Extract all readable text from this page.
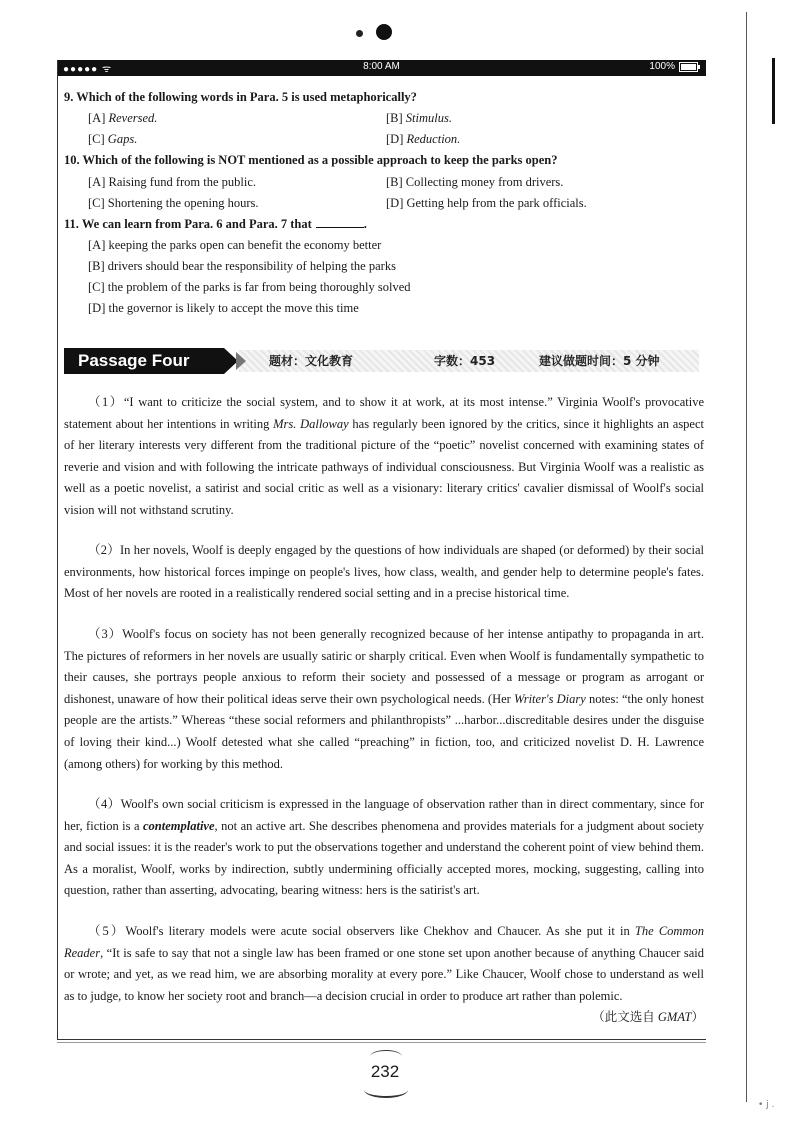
• j .
●●●●● ᯤ	8:00 AM	100%
9. Which of the following words in Para. 5 is used metaphorically?
[A] Reversed.	[B] Stimulus.
[C] Gaps.	[D] Reduction.
10. Which of the following is NOT mentioned as a possible approach to keep the parks open?
[A] Raising fund from the public.	[B] Collecting money from drivers.
[C] Shortening the opening hours.	[D] Getting help from the park officials.
11. We can learn from Para. 6 and Para. 7 that	.
[A] keeping the parks open can benefit the economy better
[B] drivers should bear the responsibility of helping the parks
[C] the problem of the parks is far from being thoroughly solved
[D] the governor is likely to accept the move this time
Passage Four	题材：文化教育	字数：453	建议做题时间：5 分钟

（1）“I want to criticize the social system, and to show it at work, at its most intense.” Virginia Woolf's provocative statement about her intentions in writing Mrs. Dalloway has regularly been ignored by the critics, since it highlights an aspect of her literary interests very different from the traditional picture of the “poetic” novelist concerned with examining states of reverie and vision and with following the intricate pathways of individual consciousness. But Virginia Woolf was a realistic as well as a poetic novelist, a satirist and social critic as well as a visionary: literary critics' cavalier dismissal of Woolf's social vision will not withstand scrutiny.

（2）In her novels, Woolf is deeply engaged by the questions of how individuals are shaped (or deformed) by their social environments, how historical forces impinge on people's lives, how class, wealth, and gender help to determine people's fates. Most of her novels are rooted in a realistically rendered social setting and in a precise historical time.

（3）Woolf's focus on society has not been generally recognized because of her intense antipathy to propaganda in art. The pictures of reformers in her novels are usually satiric or sharply critical. Even when Woolf is fundamentally sympathetic to their causes, she portrays people anxious to reform their society and possessed of a message or program as arrogant or dishonest, unaware of how their political ideas serve their own psychological needs. (Her Writer's Diary notes: “the only honest people are the artists.” Whereas “these social reformers and philanthropists” ...harbor...discreditable desires under the disguise of loving their kind...) Woolf detested what she called “preaching” in fiction, too, and criticized novelist D. H. Lawrence (among others) for working by this method.

（4）Woolf's own social criticism is expressed in the language of observation rather than in direct commentary, since for her, fiction is a contemplative, not an active art. She describes phenomena and provides materials for a judgment about society and social issues: it is the reader's work to put the observations together and understand the coherent point of view behind them. As a moralist, Woolf, works by indirection, subtly undermining officially accepted mores, mocking, suggesting, calling into question, rather than asserting, advocating, bearing witness: hers is the satirist's art.

（5）Woolf's literary models were acute social observers like Chekhov and Chaucer. As she put it in The Common Reader, “It is safe to say that not a single law has been framed or one stone set upon another because of anything Chaucer said or wrote; and yet, as we read him, we are absorbing morality at every pore.” Like Chaucer, Woolf chose to understand as well as to judge, to know her society root and branch—a decision crucial in order to produce art rather than polemic.
（此文选自 GMAT）

232
